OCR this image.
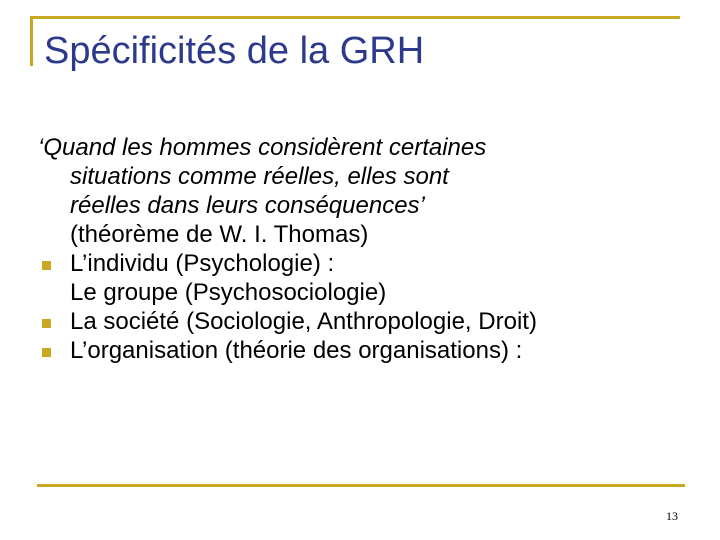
Spécificités de la GRH
‘Quand les hommes considèrent certaines
situations comme réelles, elles sont
réelles dans leurs conséquences’
(théorème de W. I. Thomas)
L’individu (Psychologie) :
Le groupe (Psychosociologie)
La société (Sociologie, Anthropologie, Droit)
L’organisation (théorie des organisations) :
13
